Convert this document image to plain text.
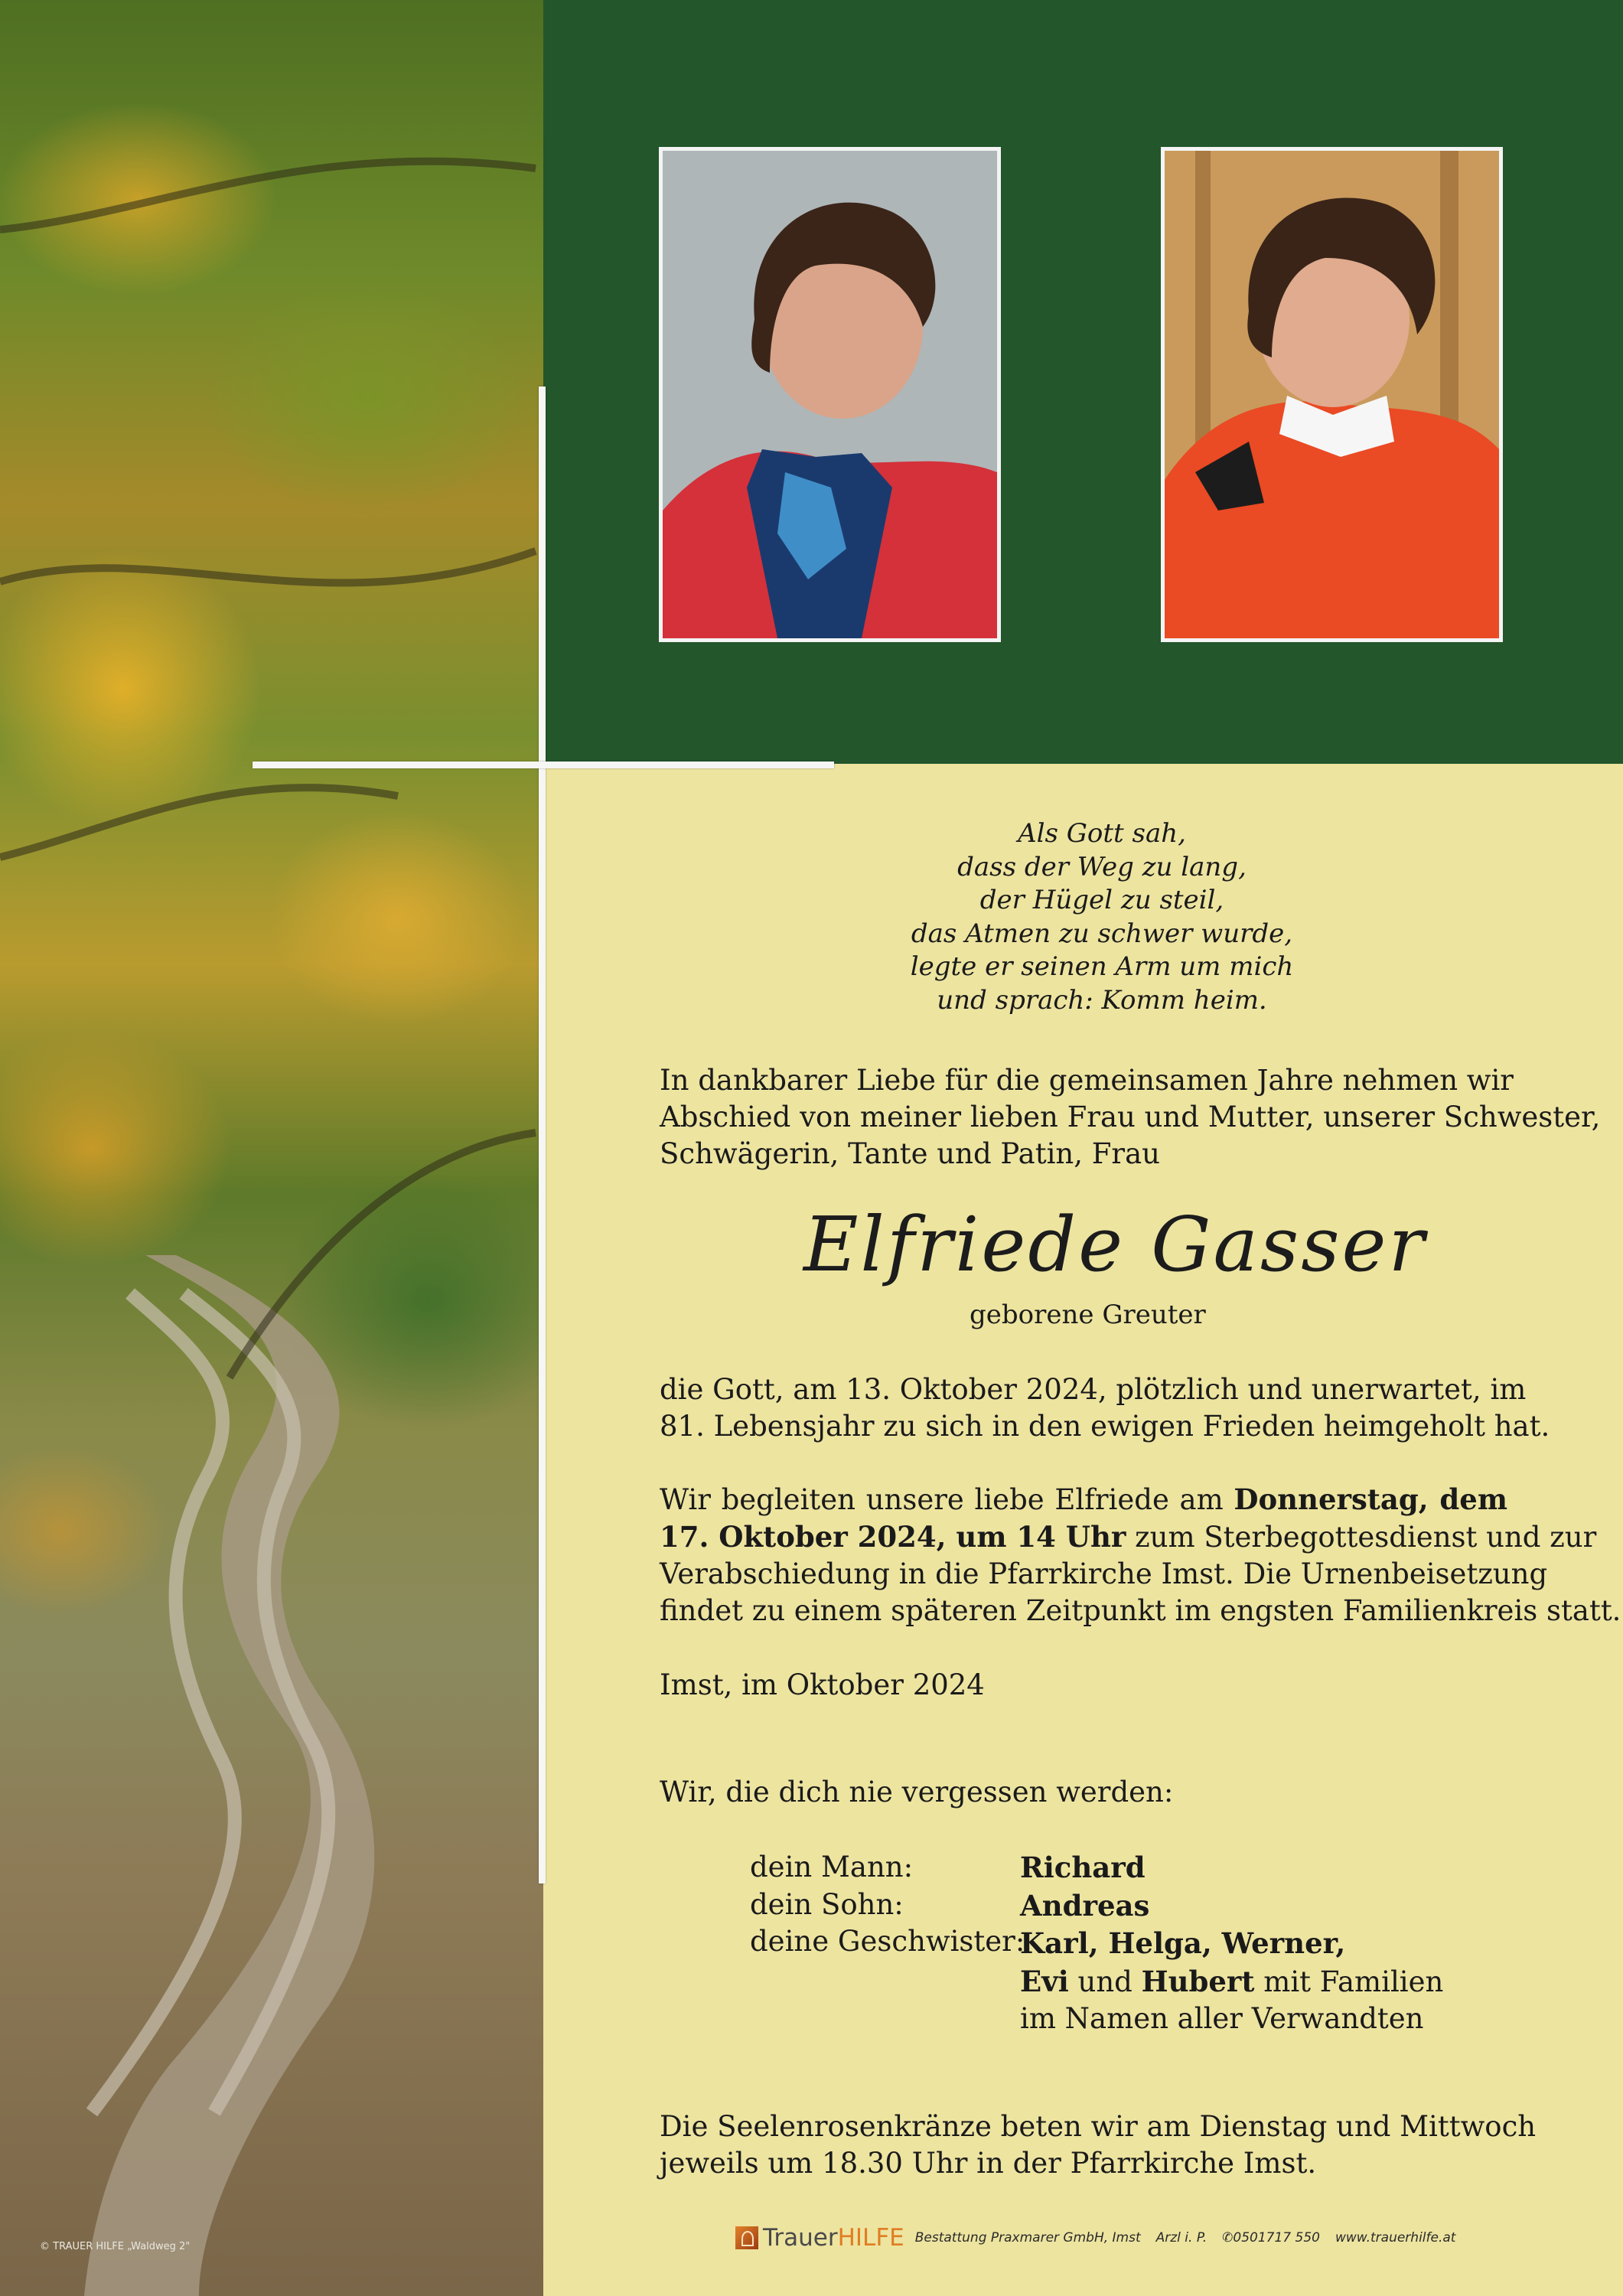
© TRAUER HILFE „Waldweg 2"
Als Gott sah,
dass der Weg zu lang,
der Hügel zu steil,
das Atmen zu schwer wurde,
legte er seinen Arm um mich
und sprach: Komm heim.
In dankbarer Liebe für die gemeinsamen Jahre nehmen wir
Abschied von meiner lieben Frau und Mutter, unserer Schwester,
Schwägerin, Tante und Patin, Frau
Elfriede Gasser
geborene Greuter
die Gott, am 13. Oktober 2024, plötzlich und unerwartet, im
81. Lebensjahr zu sich in den ewigen Frieden heimgeholt hat.
Wir begleiten unsere liebe Elfriede am Donnerstag, dem
17. Oktober 2024, um 14 Uhr zum Sterbegottesdienst und zur
Verabschiedung in die Pfarrkirche Imst. Die Urnenbeisetzung
findet zu einem späteren Zeitpunkt im engsten Familienkreis statt.
Imst, im Oktober 2024
Wir, die dich nie vergessen werden:
dein Mann:
dein Sohn:
deine Geschwister:
Richard
Andreas
Karl, Helga, Werner,
Evi und Hubert mit Familien
im Namen aller Verwandten
Die Seelenrosenkränze beten wir am Dienstag und Mittwoch
jeweils um 18.30 Uhr in der Pfarrkirche Imst.
Trauer HILFE Bestattung Praxmarer GmbH, Imst Arzl i. P. ✆0501717 550 www.trauerhilfe.at
